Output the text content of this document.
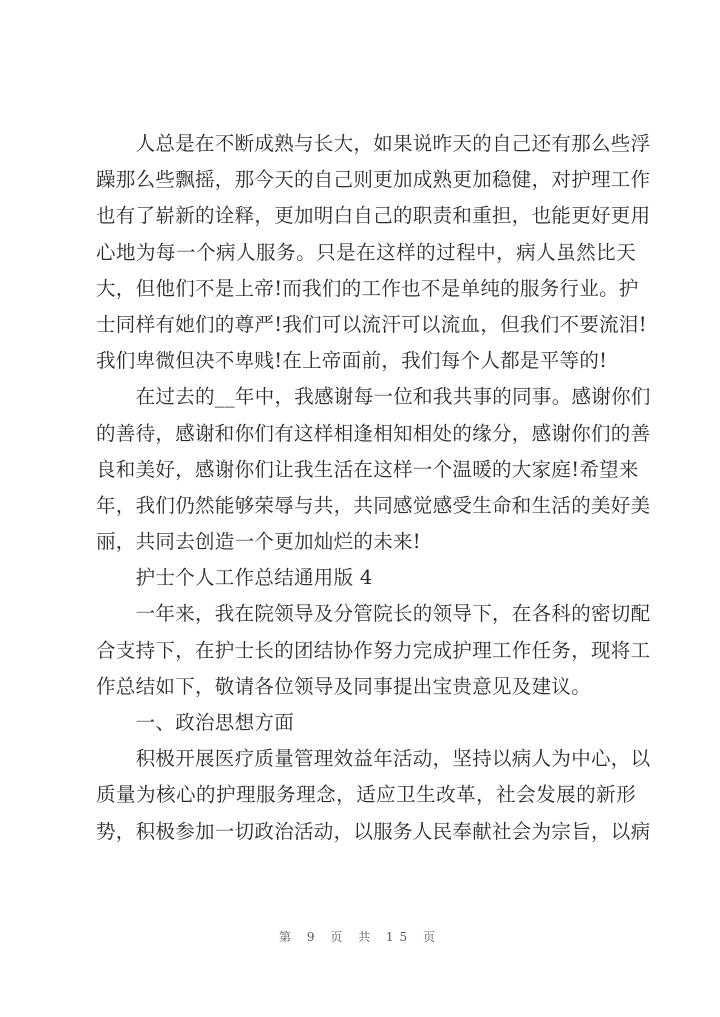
　　人总是在不断成熟与长大，如果说昨天的自己还有那么些浮
躁那么些飘摇，那今天的自己则更加成熟更加稳健，对护理工作
也有了崭新的诠释，更加明白自己的职责和重担，也能更好更用
心地为每一个病人服务。只是在这样的过程中，病人虽然比天
大，但他们不是上帝!而我们的工作也不是单纯的服务行业。护
士同样有她们的尊严!我们可以流汗可以流血，但我们不要流泪!
我们卑微但决不卑贱!在上帝面前，我们每个人都是平等的!
　　在过去的__年中，我感谢每一位和我共事的同事。感谢你们
的善待，感谢和你们有这样相逢相知相处的缘分，感谢你们的善
良和美好，感谢你们让我生活在这样一个温暖的大家庭!希望来
年，我们仍然能够荣辱与共，共同感觉感受生命和生活的美好美
丽，共同去创造一个更加灿烂的未来!
　　护士个人工作总结通用版 4
　　一年来，我在院领导及分管院长的领导下，在各科的密切配
合支持下，在护士长的团结协作努力完成护理工作任务，现将工
作总结如下，敬请各位领导及同事提出宝贵意见及建议。
　　一、政治思想方面
　　积极开展医疗质量管理效益年活动，坚持以病人为中心，以
质量为核心的护理服务理念，适应卫生改革，社会发展的新形
势，积极参加一切政治活动，以服务人民奉献社会为宗旨，以病
第 9 页 共 15 页
